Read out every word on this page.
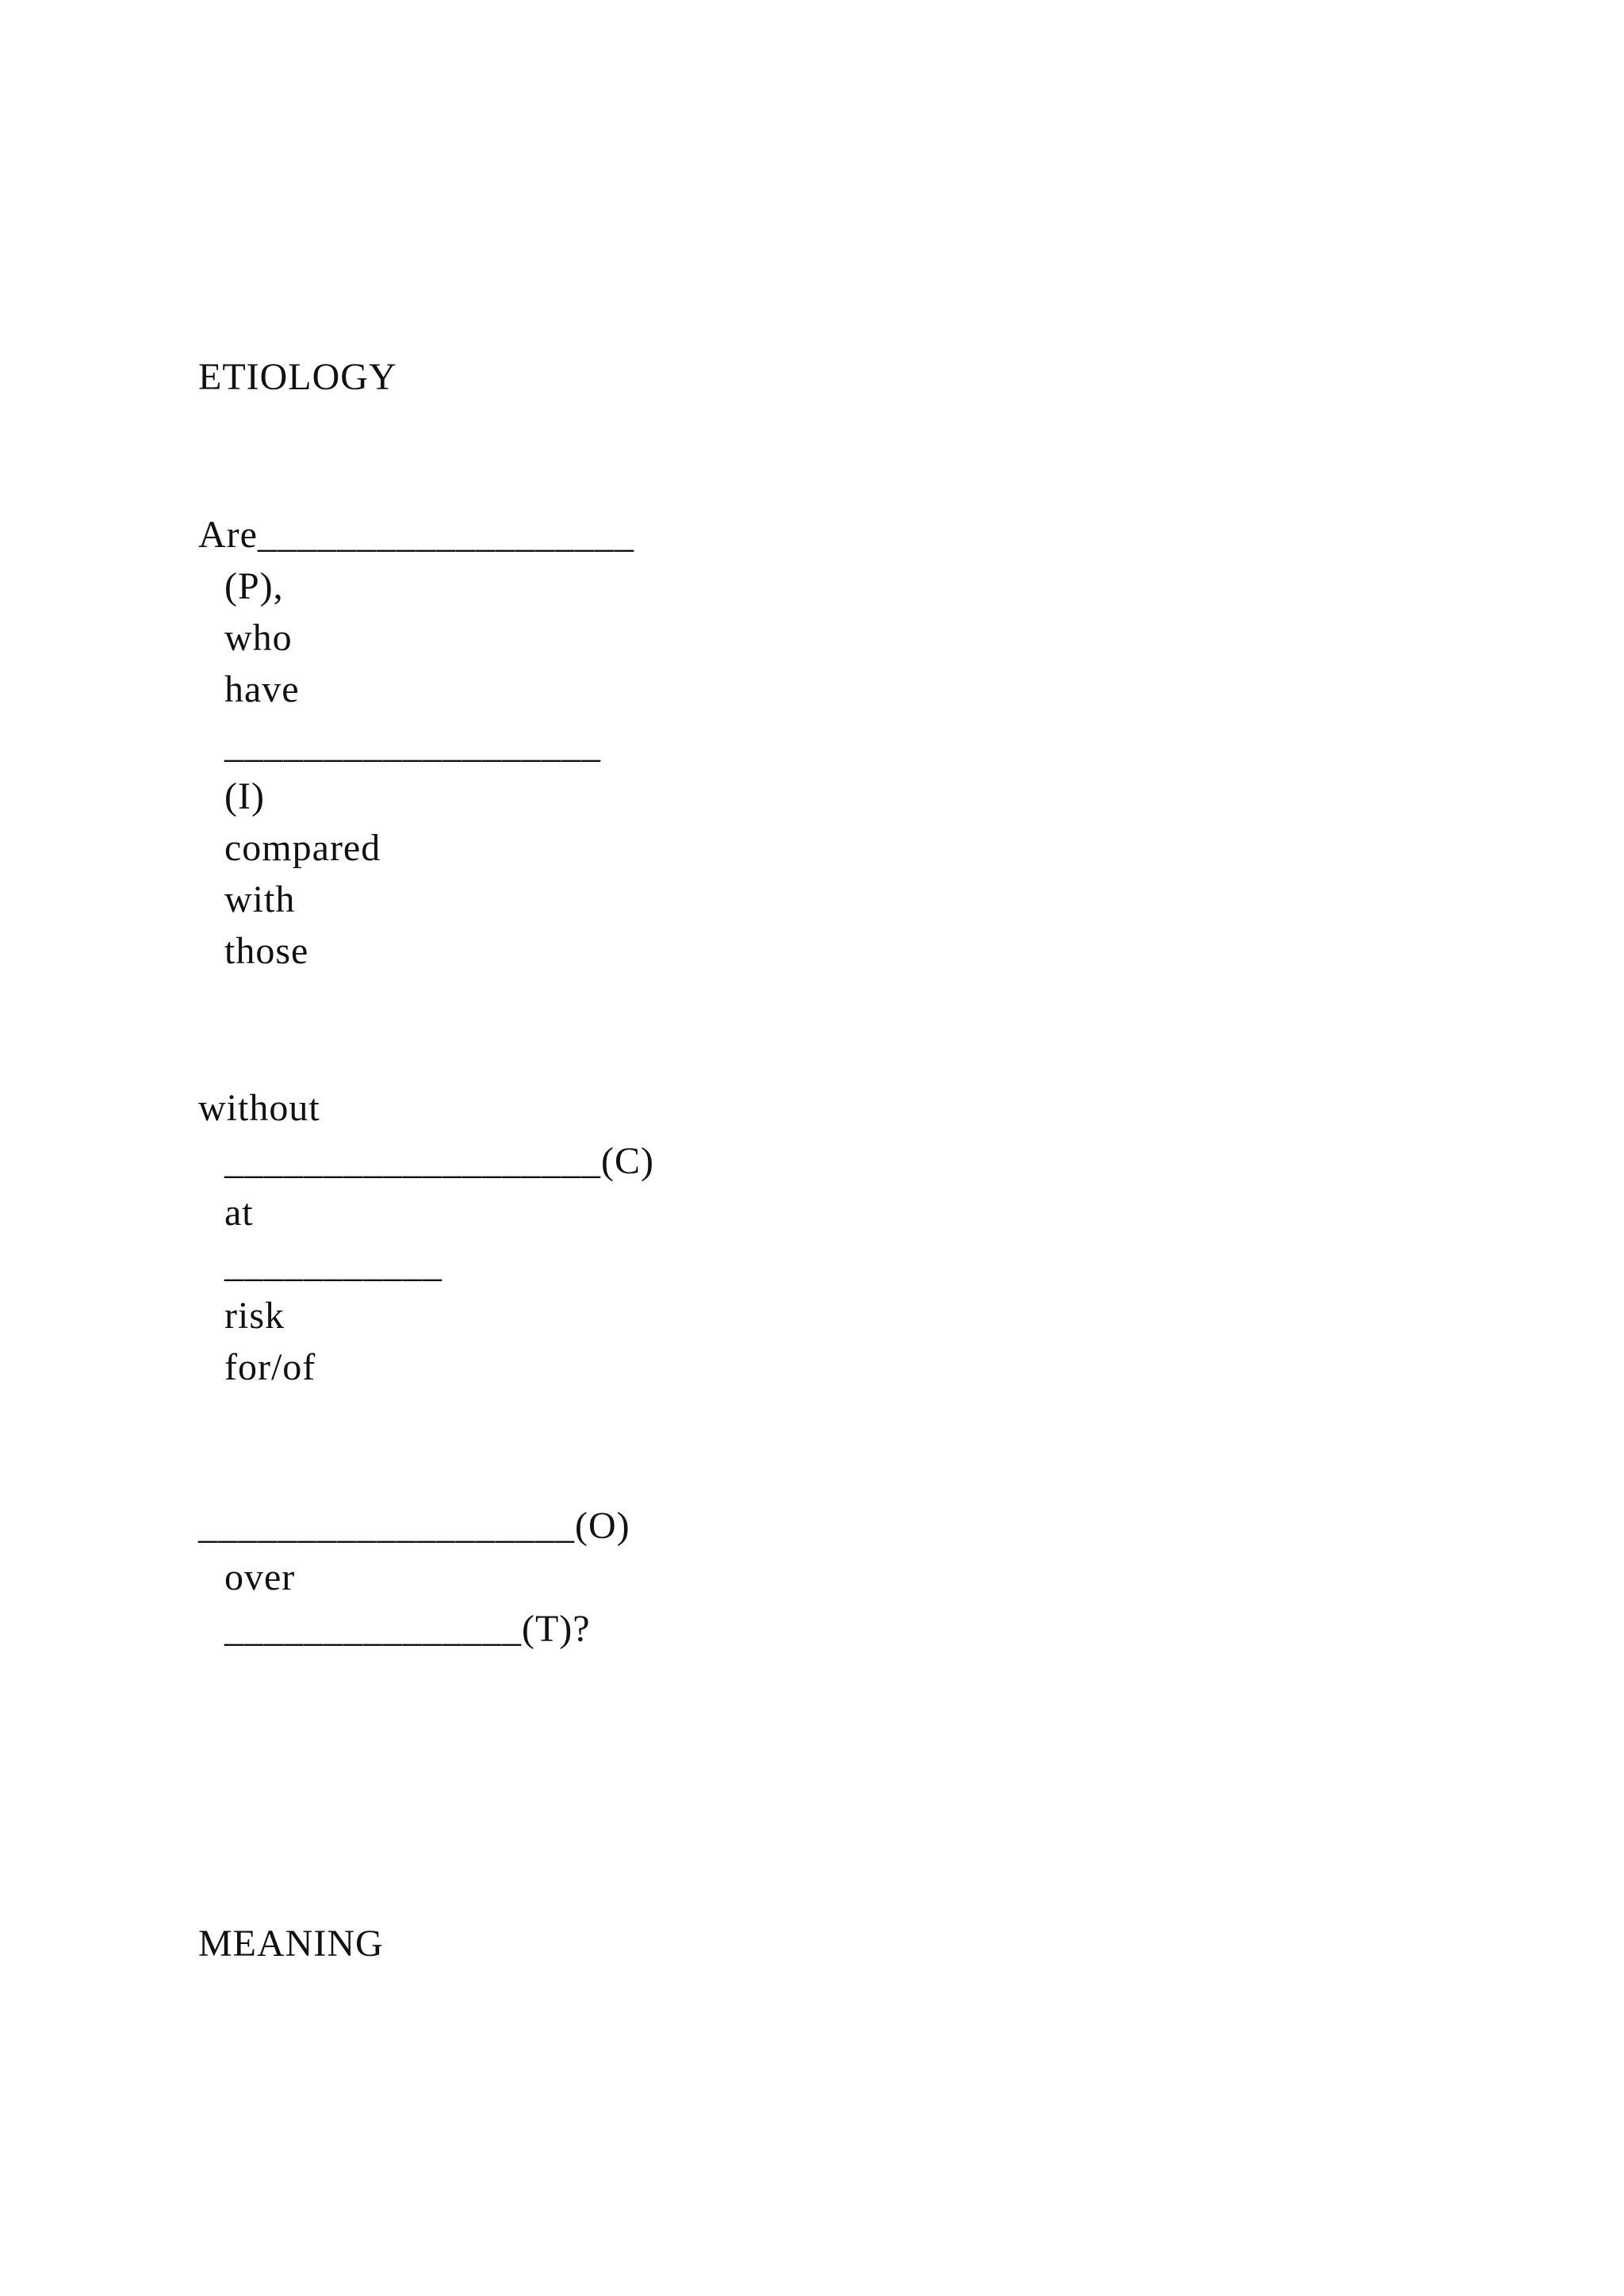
ETIOLOGY
Are___________________
(P),
who
have
___________________
(I)
compared
with
those
without
___________________(C)
at
___________
risk
for/of
___________________(O)
over
_______________(T)?
MEANING
